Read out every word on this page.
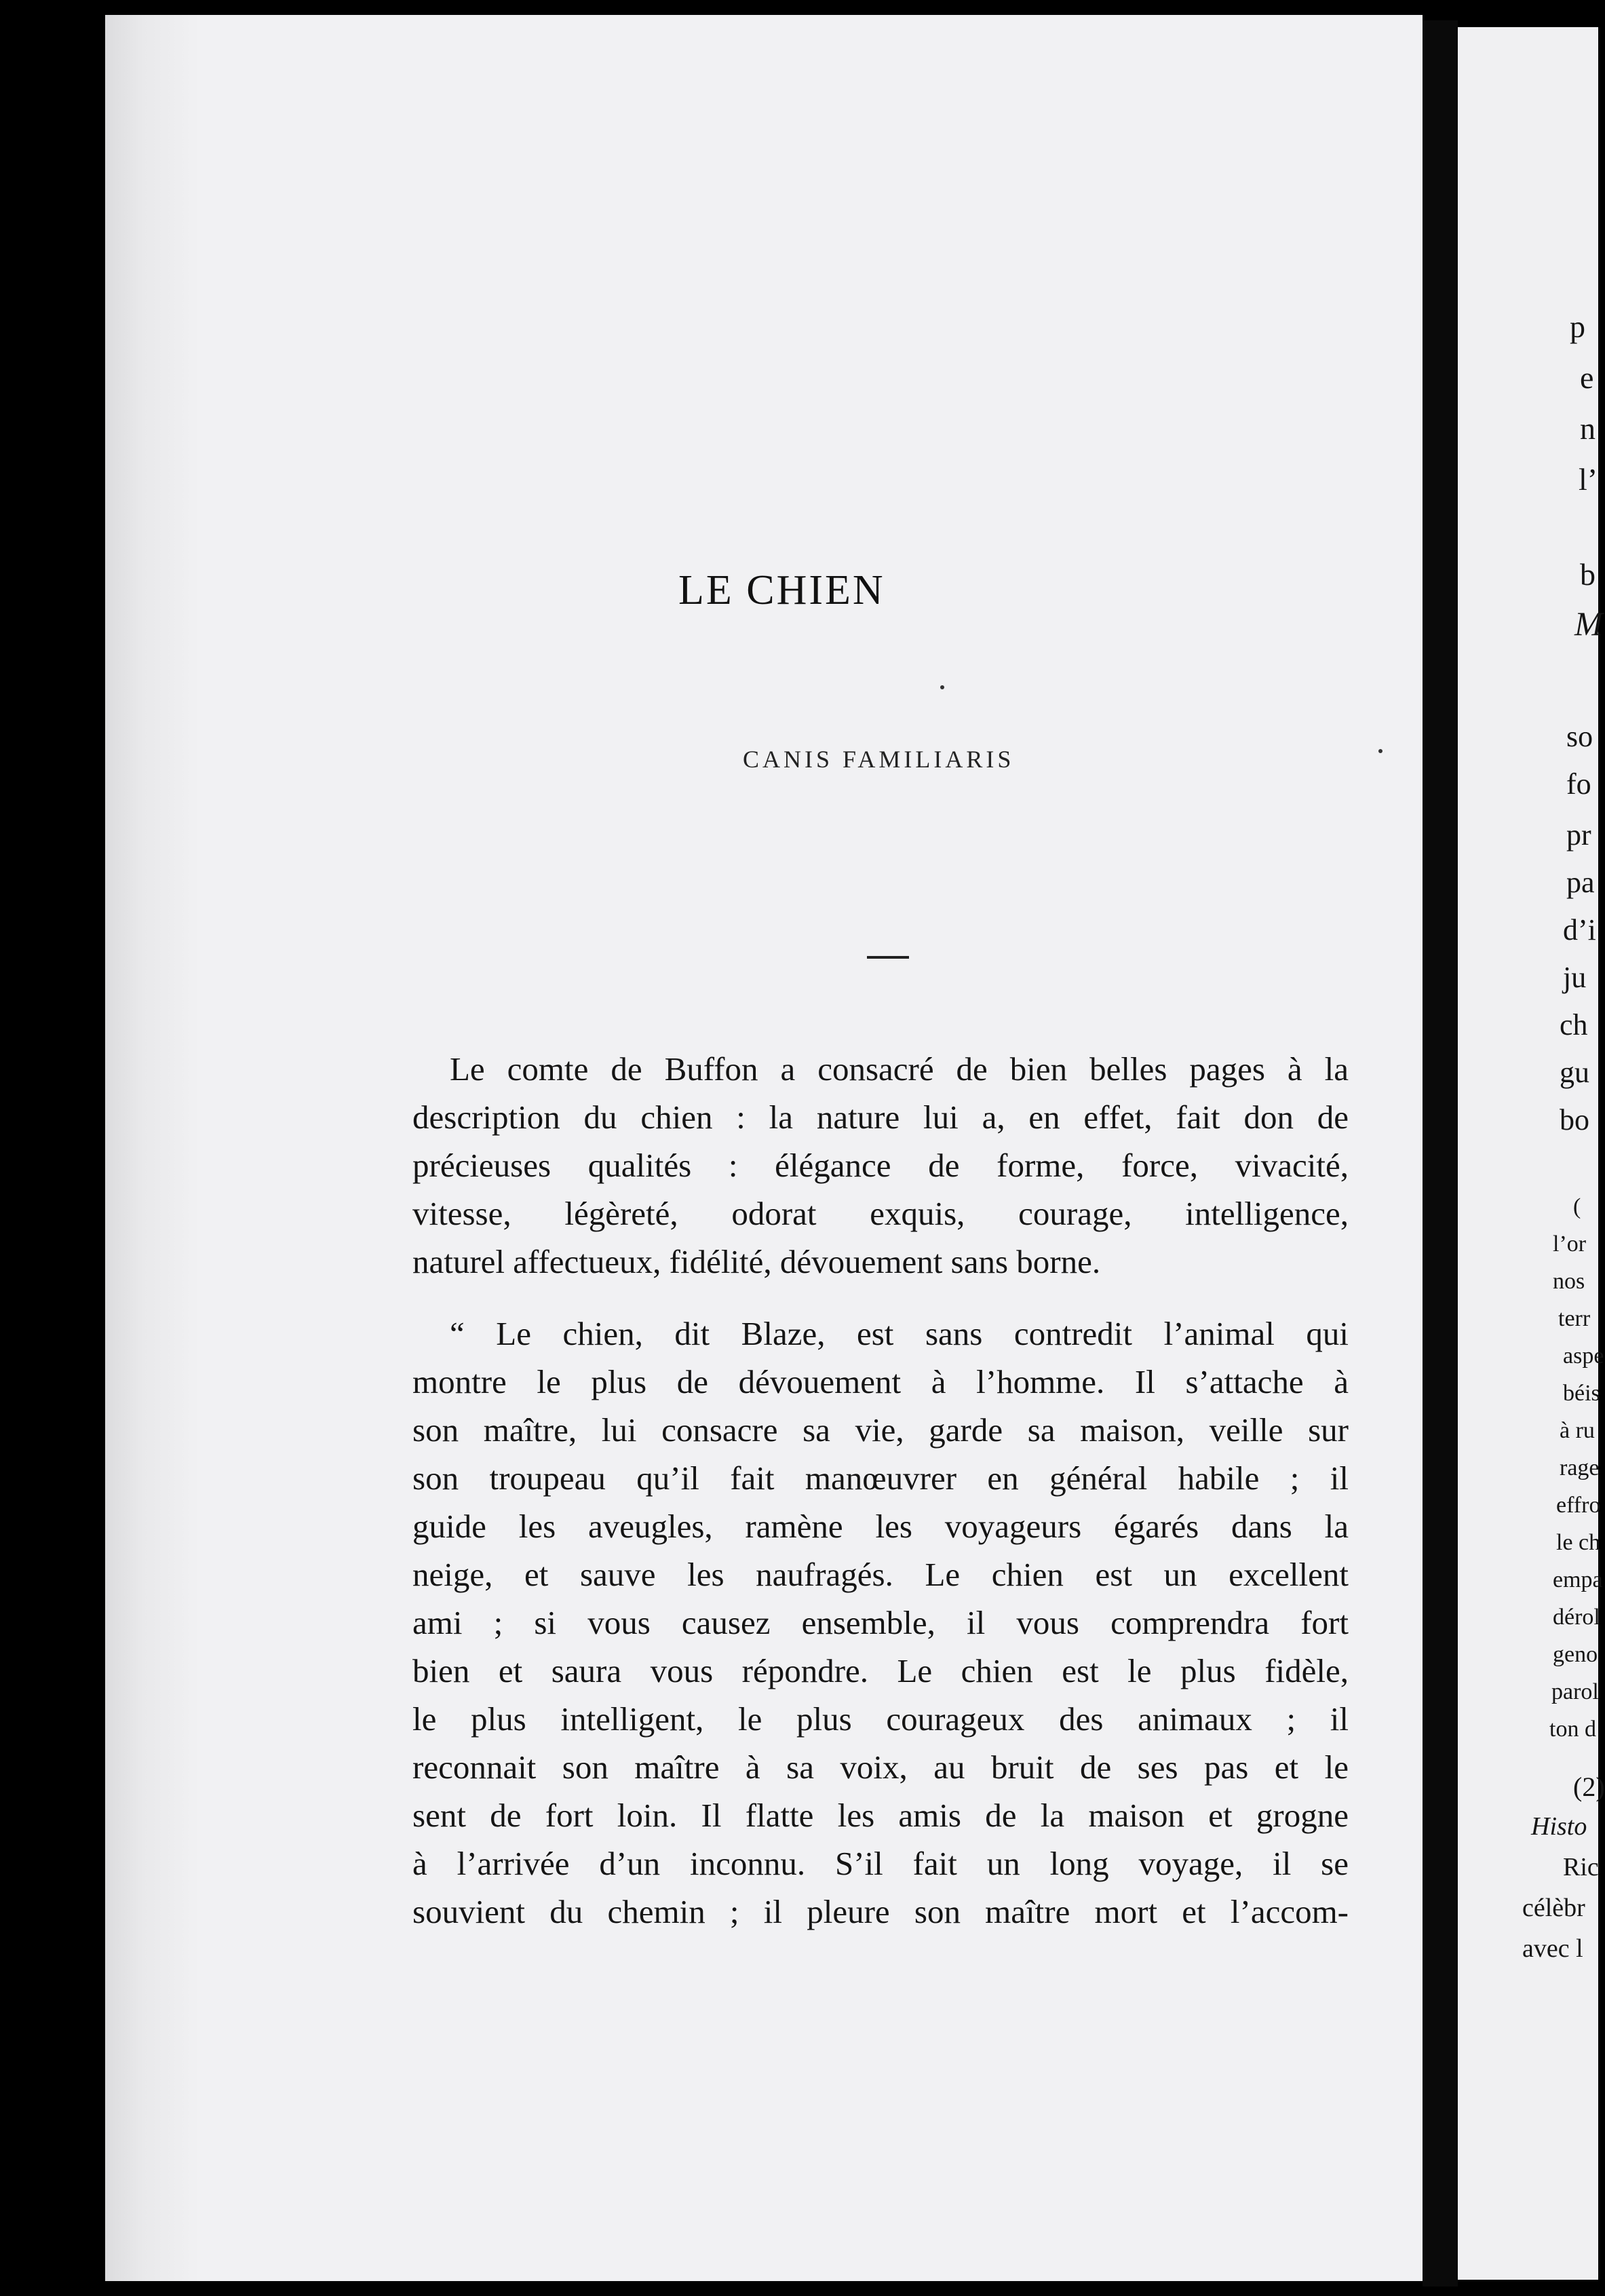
LE CHIEN
CANIS FAMILIARIS
Le comte de Buffon a consacré de bien belles pages à la
description du chien : la nature lui a, en effet, fait don de
précieuses qualités : élégance de forme, force, vivacité,
vitesse, légèreté, odorat exquis, courage, intelligence,
naturel affectueux, fidélité, dévouement sans borne.
“ Le chien, dit Blaze, est sans contredit l’animal qui
montre le plus de dévouement à l’homme. Il s’attache à
son maître, lui consacre sa vie, garde sa maison, veille sur
son troupeau qu’il fait manœuvrer en général habile ; il
guide les aveugles, ramène les voyageurs égarés dans la
neige, et sauve les naufragés. Le chien est un excellent
ami ; si vous causez ensemble, il vous comprendra fort
bien et saura vous répondre. Le chien est le plus fidèle,
le plus intelligent, le plus courageux des animaux ; il
reconnait son maître à sa voix, au bruit de ses pas et le
sent de fort loin. Il flatte les amis de la maison et grogne
à l’arrivée d’un inconnu. S’il fait un long voyage, il se
souvient du chemin ; il pleure son maître mort et l’accom-
p
e
n
l’
b
M
so
fo
pr
pa
d’i
ju
ch
gu
bo
(
l’or
nos
terr
aspe
béis
à ru
rage
effro
le ch
empa
dérol
geno
parol
ton d
(2)
Histo
Ric
célèbr
avec l
